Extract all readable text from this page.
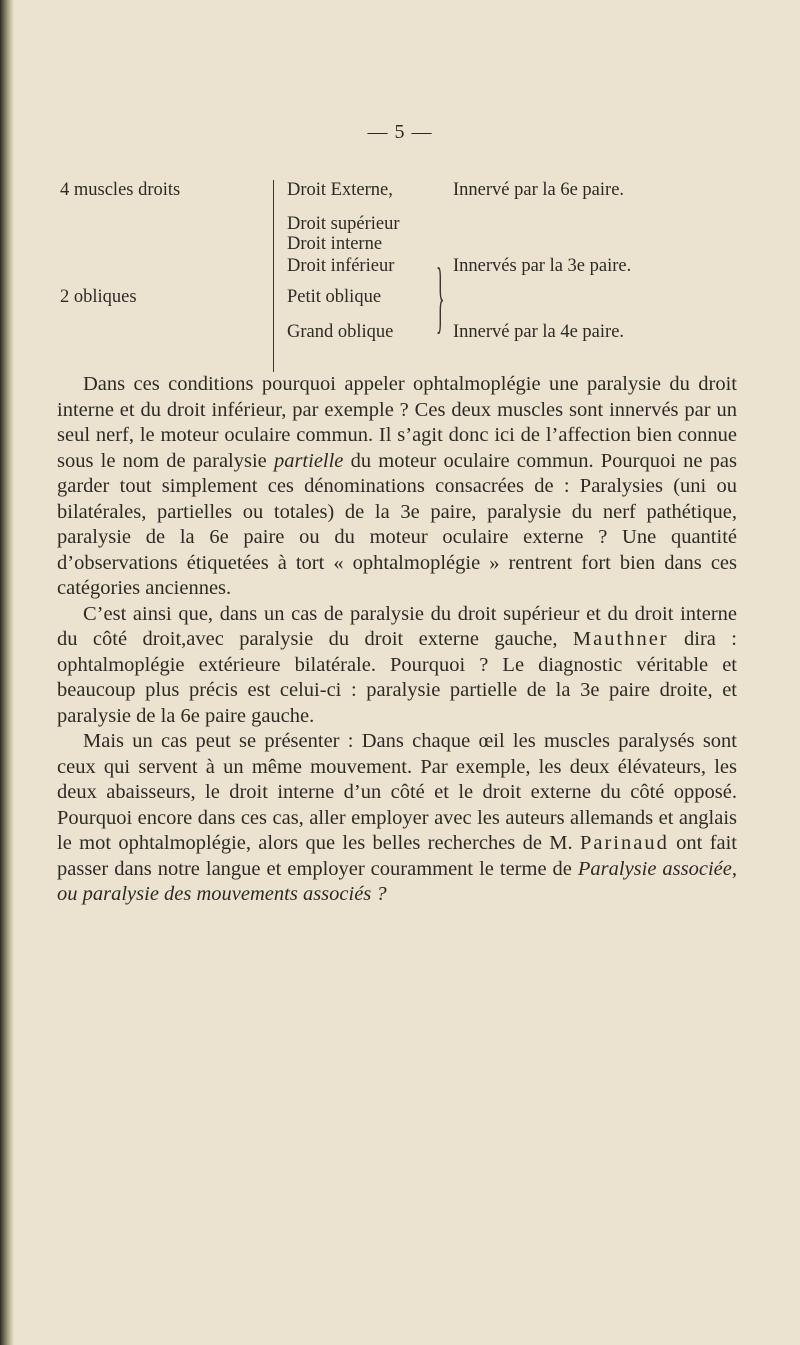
— 5 —
4 muscles droits
2 obliques
Droit Externe,
Droit supérieur
Droit interne
Droit inférieur
Petit oblique
Grand oblique }
Innervé par la 6e paire.
Innervés par la 3e paire.
Innervé par la 4e paire.

Dans ces conditions pourquoi appeler ophtalmoplégie une paralysie du droit interne et du droit inférieur, par exemple ? Ces deux muscles sont innervés par un seul nerf, le moteur oculaire commun. Il s’agit donc ici de l’affection bien connue sous le nom de paralysie partielle du moteur oculaire commun. Pourquoi ne pas garder tout simplement ces dénominations consacrées de : Paralysies (uni ou bilatérales, partielles ou totales) de la 3e paire, paralysie du nerf pathétique, paralysie de la 6e paire ou du moteur oculaire externe ? Une quantité d’observations étiquetées à tort « ophtalmoplégie » rentrent fort bien dans ces catégories anciennes.

C’est ainsi que, dans un cas de paralysie du droit supérieur et du droit interne du côté droit,avec paralysie du droit externe gauche, Mauthner dira : ophtalmoplégie extérieure bilatérale. Pourquoi ? Le diagnostic véritable et beaucoup plus précis est celui-ci : paralysie partielle de la 3e paire droite, et paralysie de la 6e paire gauche.

Mais un cas peut se présenter : Dans chaque œil les muscles paralysés sont ceux qui servent à un même mouvement. Par exemple, les deux élévateurs, les deux abaisseurs, le droit interne d’un côté et le droit externe du côté opposé. Pourquoi encore dans ces cas, aller employer avec les auteurs allemands et anglais le mot ophtalmoplégie, alors que les belles recherches de M. Parinaud ont fait passer dans notre langue et employer couramment le terme de Paralysie associée, ou paralysie des mouvements associés ?
